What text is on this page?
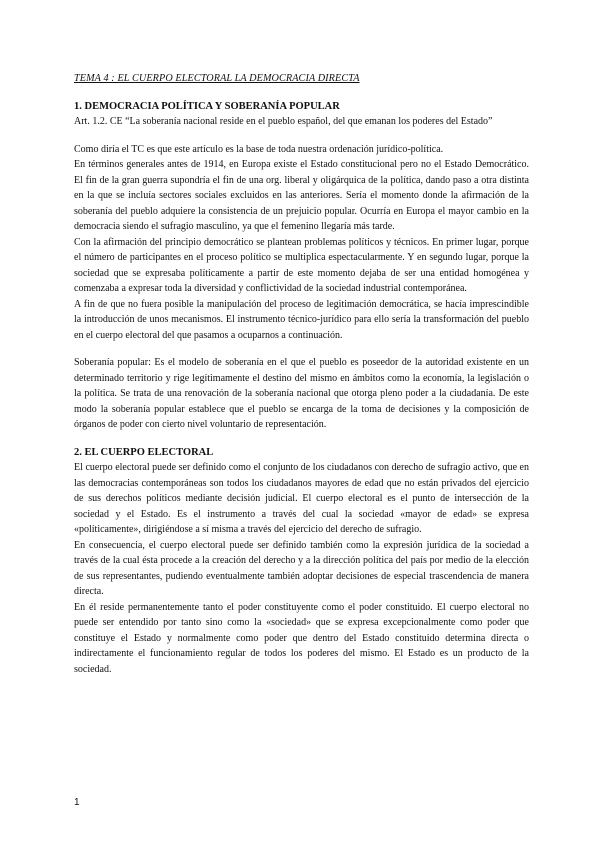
TEMA 4 : EL CUERPO ELECTORAL LA DEMOCRACIA DIRECTA

1. DEMOCRACIA POLÍTICA Y SOBERANÍA POPULAR

Art. 1.2. CE “La soberanía nacional reside en el pueblo español, del que emanan los poderes del Estado”

Como diría el TC es que este artículo es la base de toda nuestra ordenación jurídico-política.

En términos generales antes de 1914, en Europa existe el Estado constitucional pero no el Estado Democrático. El fin de la gran guerra supondría el fin de una org. liberal y oligárquica de la política, dando paso a otra distinta en la que se incluía sectores sociales excluidos en las anteriores. Sería el momento donde la afirmación de la soberanía del pueblo adquiere la consistencia de un prejuicio popular. Ocurría en Europa el mayor cambio en la democracia siendo el sufragio masculino, ya que el femenino llegaría más tarde.

Con la afirmación del principio democrático se plantean problemas políticos y técnicos. En primer lugar, porque el número de participantes en el proceso político se multiplica espectacularmente. Y en segundo lugar, porque la sociedad que se expresaba políticamente a partir de este momento dejaba de ser una entidad homogénea y comenzaba a expresar toda la diversidad y conflictividad de la sociedad industrial contemporánea.

A fin de que no fuera posible la manipulación del proceso de legitimación democrática, se hacía imprescindible la introducción de unos mecanismos. El instrumento técnico-jurídico para ello sería la transformación del pueblo en el cuerpo electoral del que pasamos a ocuparnos a continuación.

Soberanía popular: Es el modelo de soberanía en el que el pueblo es poseedor de la autoridad existente en un determinado territorio y rige legítimamente el destino del mismo en ámbitos como la economía, la legislación o la política. Se trata de una renovación de la soberanía nacional que otorga pleno poder a la ciudadanía. De este modo la soberanía popular establece que el pueblo se encarga de la toma de decisiones y la composición de órganos de poder con cierto nivel voluntario de representación.

2. EL CUERPO ELECTORAL

El cuerpo electoral puede ser definido como el conjunto de los ciudadanos con derecho de sufragio activo, que en las democracias contemporáneas son todos los ciudadanos mayores de edad que no están privados del ejercicio de sus derechos políticos mediante decisión judicial. El cuerpo electoral es el punto de intersección de la sociedad y el Estado. Es el instrumento a través del cual la sociedad «mayor de edad» se expresa «políticamente», dirigiéndose a sí misma a través del ejercicio del derecho de sufragio.

En consecuencia, el cuerpo electoral puede ser definido también como la expresión jurídica de la sociedad a través de la cual ésta procede a la creación del derecho y a la dirección política del país por medio de la elección de sus representantes, pudiendo eventualmente también adoptar decisiones de especial trascendencia de manera directa.

En él reside permanentemente tanto el poder constituyente como el poder constituido. El cuerpo electoral no puede ser entendido por tanto sino como la «sociedad» que se expresa excepcionalmente como poder que constituye el Estado y normalmente como poder que dentro del Estado constituido determina directa o indirectamente el funcionamiento regular de todos los poderes del mismo. El Estado es un producto de la sociedad.

1
